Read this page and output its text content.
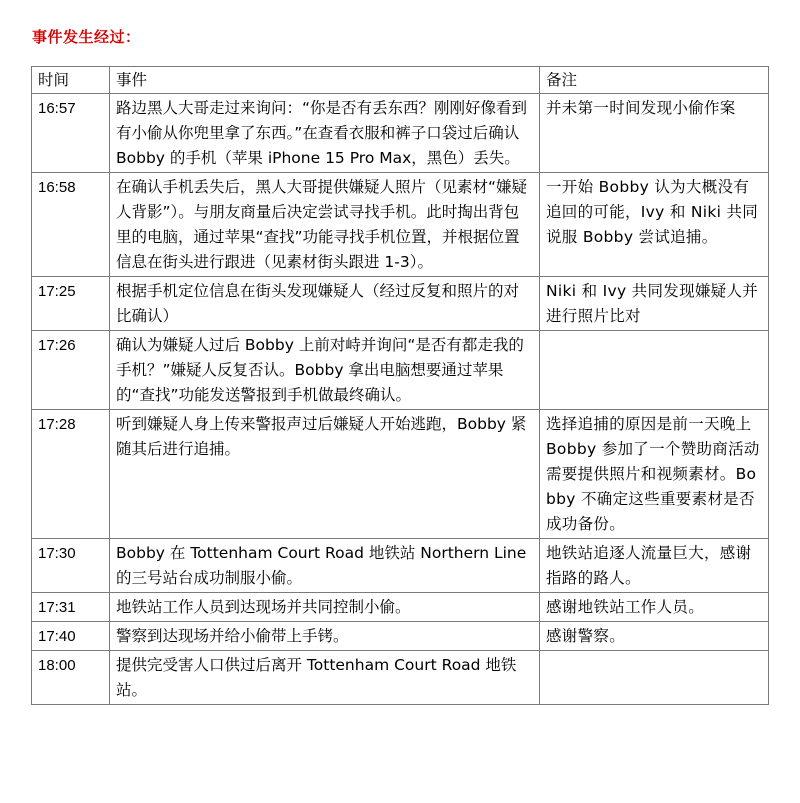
事件发生经过：
时间	事件	备注
16:57	路边黑人大哥走过来询问：“你是否有丢东西？刚刚好像看到有小偷从你兜里拿了东西。”在查看衣服和裤子口袋过后确认 Bobby 的手机（苹果 iPhone 15 Pro Max，黑色）丢失。	并未第一时间发现小偷作案
16:58	在确认手机丢失后，黑人大哥提供嫌疑人照片（见素材“嫌疑人背影”）。与朋友商量后决定尝试寻找手机。此时掏出背包里的电脑，通过苹果“查找”功能寻找手机位置，并根据位置信息在街头进行跟进（见素材街头跟进 1-3）。	一开始 Bobby 认为大概没有追回的可能，Ivy 和 Niki 共同说服 Bobby 尝试追捕。
17:25	根据手机定位信息在街头发现嫌疑人（经过反复和照片的对比确认）	Niki 和 Ivy 共同发现嫌疑人并进行照片比对
17:26	确认为嫌疑人过后 Bobby 上前对峙并询问“是否有都走我的手机？”嫌疑人反复否认。Bobby 拿出电脑想要通过苹果的“查找”功能发送警报到手机做最终确认。	
17:28	听到嫌疑人身上传来警报声过后嫌疑人开始逃跑，Bobby 紧随其后进行追捕。	选择追捕的原因是前一天晚上 Bobby 参加了一个赞助商活动需要提供照片和视频素材。Bobby 不确定这些重要素材是否成功备份。
17:30	Bobby 在 Tottenham Court Road 地铁站 Northern Line 的三号站台成功制服小偷。	地铁站追逐人流量巨大，感谢指路的路人。
17:31	地铁站工作人员到达现场并共同控制小偷。	感谢地铁站工作人员。
17:40	警察到达现场并给小偷带上手铐。	感谢警察。
18:00	提供完受害人口供过后离开 Tottenham Court Road 地铁站。	
